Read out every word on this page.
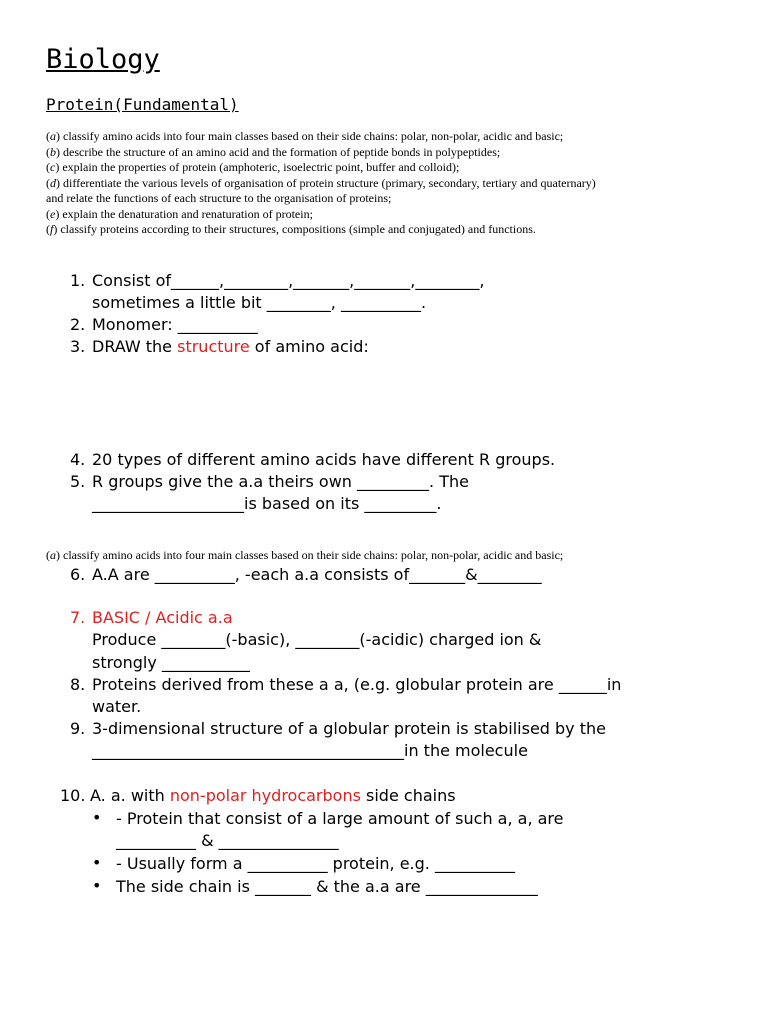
Biology
Protein(Fundamental)
(a) classify amino acids into four main classes based on their side chains: polar, non-polar, acidic and basic;
(b) describe the structure of an amino acid and the formation of peptide bonds in polypeptides;
(c) explain the properties of protein (amphoteric, isoelectric point, buffer and colloid);
(d) differentiate the various levels of organisation of protein structure (primary, secondary, tertiary and quaternary)
and relate the functions of each structure to the organisation of proteins;
(e) explain the denaturation and renaturation of protein;
(f) classify proteins according to their structures, compositions (simple and conjugated) and functions.
1. Consist of______,________,_______,_______,________,
sometimes a little bit ________, __________.
2. Monomer: __________
3. DRAW the structure of amino acid:
4. 20 types of different amino acids have different R groups.
5. R groups give the a.a theirs own _________. The
___________________is based on its _________.
(a) classify amino acids into four main classes based on their side chains: polar, non-polar, acidic and basic;
6. A.A are __________, -each a.a consists of_______&________
7. BASIC / Acidic a.a
Produce ________(-basic), ________(-acidic) charged ion &
strongly ___________
8. Proteins derived from these a a, (e.g. globular protein are ______in
water.
9. 3-dimensional structure of a globular protein is stabilised by the
_______________________________________in the molecule
10. A. a. with non-polar hydrocarbons side chains
• - Protein that consist of a large amount of such a, a, are
__________ & _______________
• - Usually form a __________ protein, e.g. __________
• The side chain is _______ & the a.a are ______________
